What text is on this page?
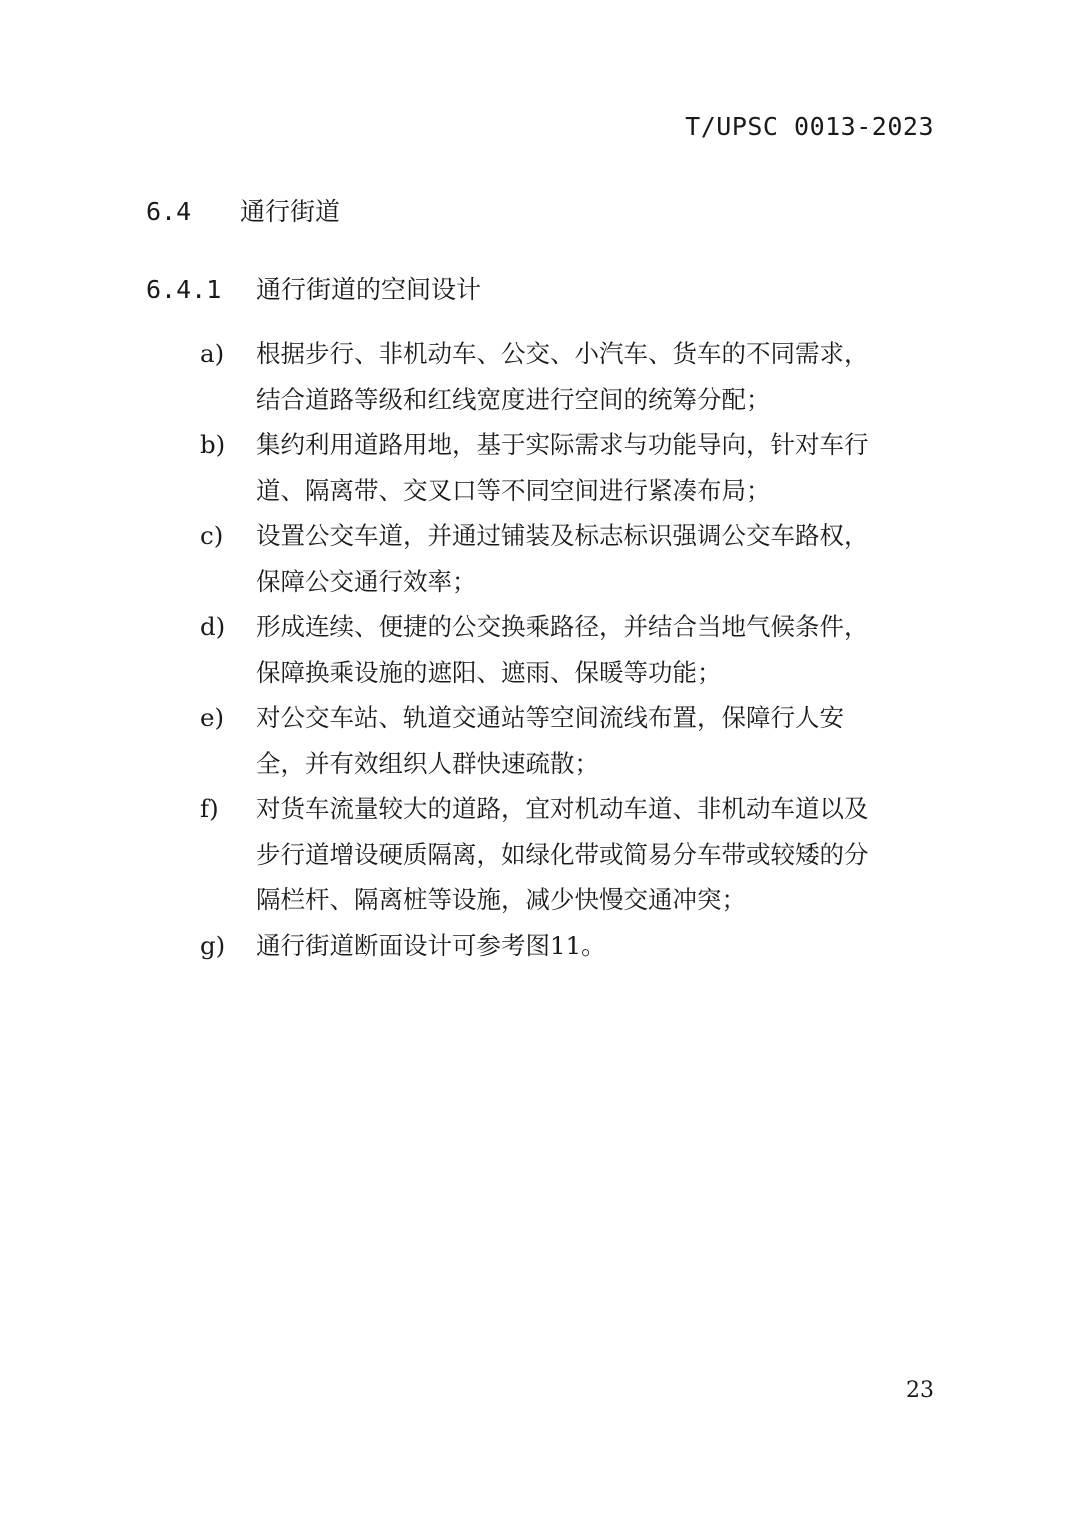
T/UPSC 0013-2023
6.4 通行街道
6.4.1 通行街道的空间设计
a)	根据步行、非机动车、公交、小汽车、货车的不同需求，
结合道路等级和红线宽度进行空间的统筹分配；
b)	集约利用道路用地，基于实际需求与功能导向，针对车行
道、隔离带、交叉口等不同空间进行紧凑布局；
c)	设置公交车道，并通过铺装及标志标识强调公交车路权，
保障公交通行效率；
d)	形成连续、便捷的公交换乘路径，并结合当地气候条件，
保障换乘设施的遮阳、遮雨、保暖等功能；
e)	对公交车站、轨道交通站等空间流线布置，保障行人安
全，并有效组织人群快速疏散；
f)	对货车流量较大的道路，宜对机动车道、非机动车道以及
步行道增设硬质隔离，如绿化带或简易分车带或较矮的分
隔栏杆、隔离桩等设施，减少快慢交通冲突；
g)	通行街道断面设计可参考图11。
23
